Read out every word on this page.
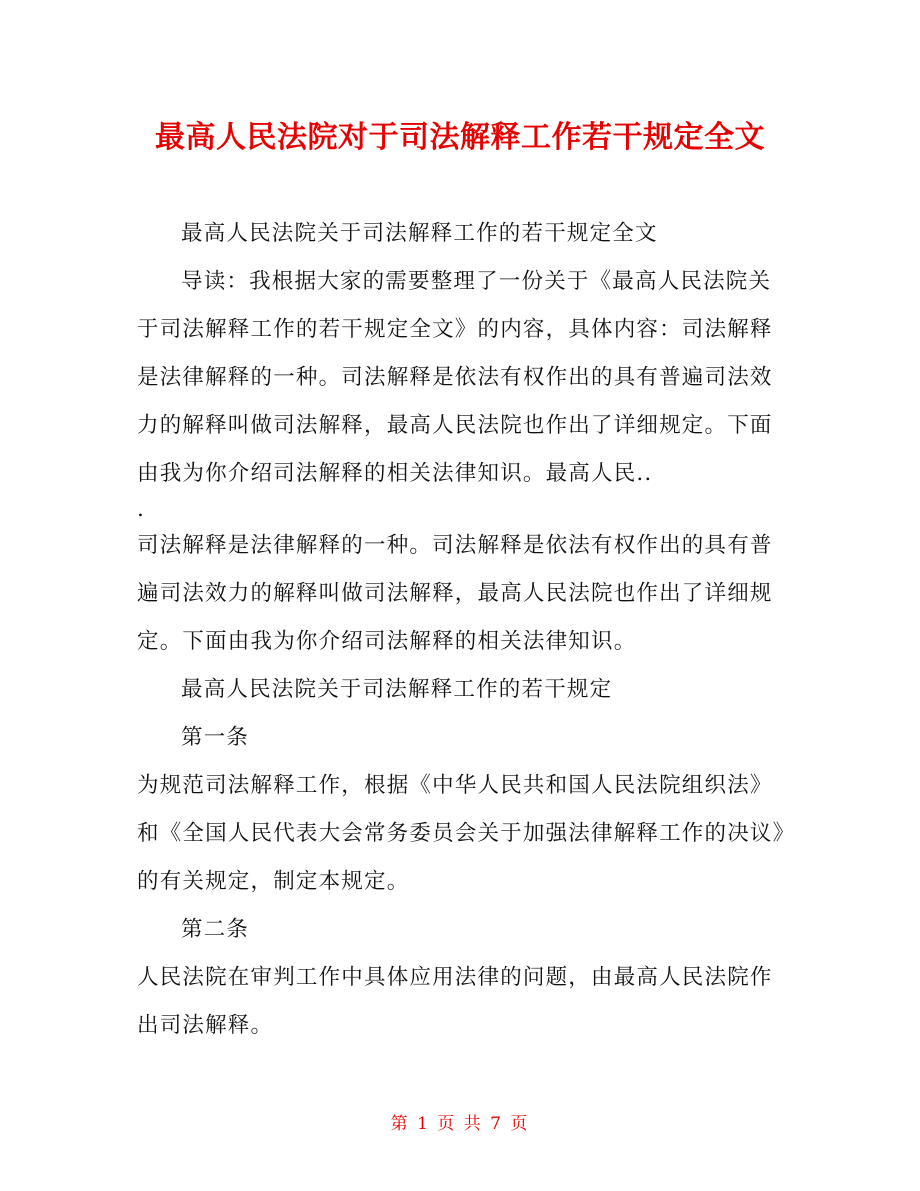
最高人民法院对于司法解释工作若干规定全文

最高人民法院关于司法解释工作的若干规定全文

导读：我根据大家的需要整理了一份关于《最高人民法院关于司法解释工作的若干规定全文》的内容，具体内容：司法解释是法律解释的一种。司法解释是依法有权作出的具有普遍司法效力的解释叫做司法解释，最高人民法院也作出了详细规定。下面由我为你介绍司法解释的相关法律知识。最高人民..

.

司法解释是法律解释的一种。司法解释是依法有权作出的具有普遍司法效力的解释叫做司法解释，最高人民法院也作出了详细规定。下面由我为你介绍司法解释的相关法律知识。

最高人民法院关于司法解释工作的若干规定

第一条

为规范司法解释工作，根据《中华人民共和国人民法院组织法》和《全国人民代表大会常务委员会关于加强法律解释工作的决议》的有关规定，制定本规定。

第二条

人民法院在审判工作中具体应用法律的问题，由最高人民法院作出司法解释。

第 1 页 共 7 页
